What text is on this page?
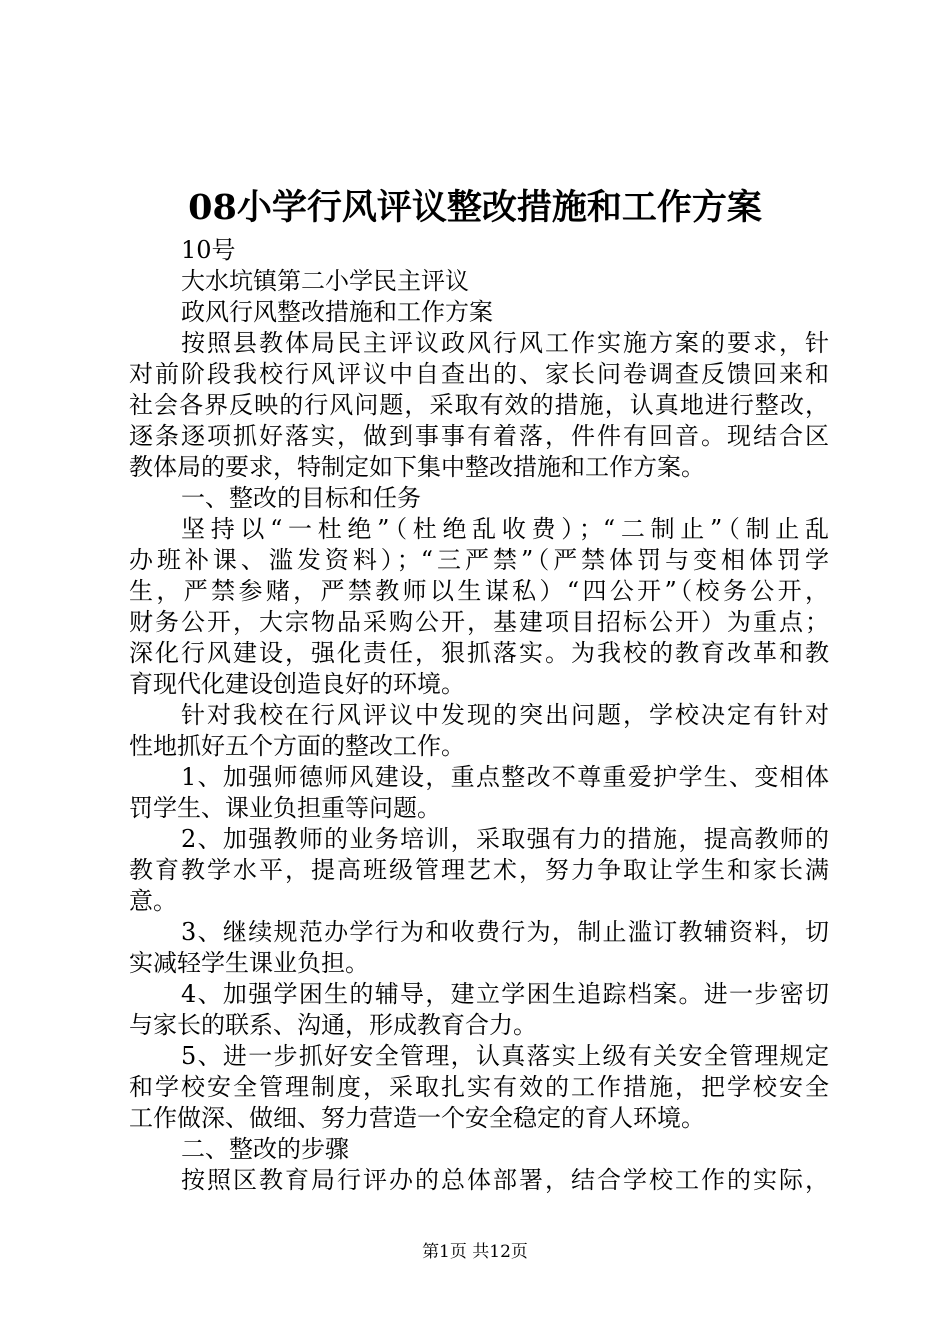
08小学行风评议整改措施和工作方案
10号
大水坑镇第二小学民主评议
政风行风整改措施和工作方案
按照县教体局民主评议政风行风工作实施方案的要求，针
对前阶段我校行风评议中自查出的、家长问卷调查反馈回来和
社会各界反映的行风问题，采取有效的措施，认真地进行整改，
逐条逐项抓好落实，做到事事有着落，件件有回音。现结合区
教体局的要求，特制定如下集中整改措施和工作方案。
一、整改的目标和任务
坚持以“一杜绝”（杜绝乱收费）；“二制止”（制止乱
办班补课、滥发资料）；“三严禁”（严禁体罚与变相体罚学
生，严禁参赌，严禁教师以生谋私）“四公开”（校务公开，
财务公开，大宗物品采购公开，基建项目招标公开）为重点；
深化行风建设，强化责任，狠抓落实。为我校的教育改革和教
育现代化建设创造良好的环境。
针对我校在行风评议中发现的突出问题，学校决定有针对
性地抓好五个方面的整改工作。
1、加强师德师风建设，重点整改不尊重爱护学生、变相体
罚学生、课业负担重等问题。
2、加强教师的业务培训，采取强有力的措施，提高教师的
教育教学水平，提高班级管理艺术，努力争取让学生和家长满
意。
3、继续规范办学行为和收费行为，制止滥订教辅资料，切
实减轻学生课业负担。
4、加强学困生的辅导，建立学困生追踪档案。进一步密切
与家长的联系、沟通，形成教育合力。
5、进一步抓好安全管理，认真落实上级有关安全管理规定
和学校安全管理制度，采取扎实有效的工作措施，把学校安全
工作做深、做细、努力营造一个安全稳定的育人环境。
二、整改的步骤
按照区教育局行评办的总体部署，结合学校工作的实际，
第1页 共12页
